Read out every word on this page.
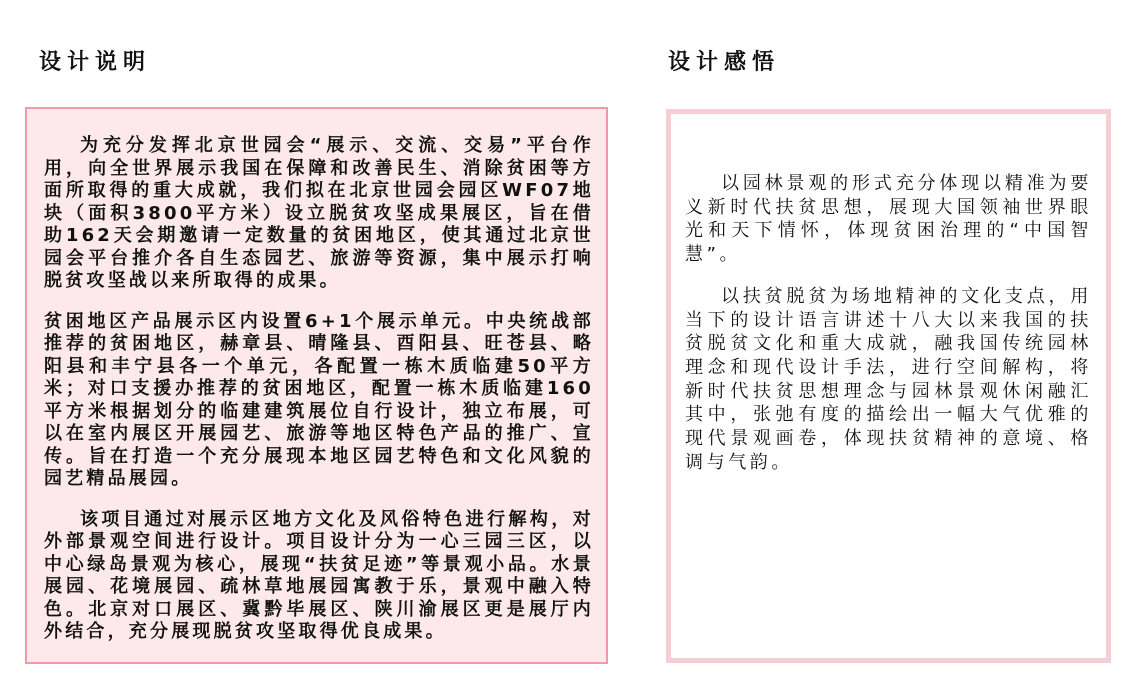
设计说明	设计感悟

为充分发挥北京世园会“展示、交流、交易”平台作用，向全世界展示我国在保障和改善民生、消除贫困等方面所取得的重大成就，我们拟在北京世园会园区WF07地块（面积3800平方米）设立脱贫攻坚成果展区，旨在借助162天会期邀请一定数量的贫困地区，使其通过北京世园会平台推介各自生态园艺、旅游等资源，集中展示打响脱贫攻坚战以来所取得的成果。

贫困地区产品展示区内设置6+1个展示单元。中央统战部推荐的贫困地区，赫章县、晴隆县、酉阳县、旺苍县、略阳县和丰宁县各一个单元，各配置一栋木质临建50平方米；对口支援办推荐的贫困地区，配置一栋木质临建160平方米根据划分的临建建筑展位自行设计，独立布展，可以在室内展区开展园艺、旅游等地区特色产品的推广、宣传。旨在打造一个充分展现本地区园艺特色和文化风貌的园艺精品展园。

该项目通过对展示区地方文化及风俗特色进行解构，对外部景观空间进行设计。项目设计分为一心三园三区，以中心绿岛景观为核心，展现“扶贫足迹”等景观小品。水景展园、花境展园、疏林草地展园寓教于乐，景观中融入特色。北京对口展区、冀黔毕展区、陕川渝展区更是展厅内外结合，充分展现脱贫攻坚取得优良成果。

以园林景观的形式充分体现以精准为要义新时代扶贫思想，展现大国领袖世界眼光和天下情怀，体现贫困治理的“中国智慧”。

以扶贫脱贫为场地精神的文化支点，用当下的设计语言讲述十八大以来我国的扶贫脱贫文化和重大成就，融我国传统园林理念和现代设计手法，进行空间解构，将新时代扶贫思想理念与园林景观休闲融汇其中，张弛有度的描绘出一幅大气优雅的现代景观画卷，体现扶贫精神的意境、格调与气韵。
